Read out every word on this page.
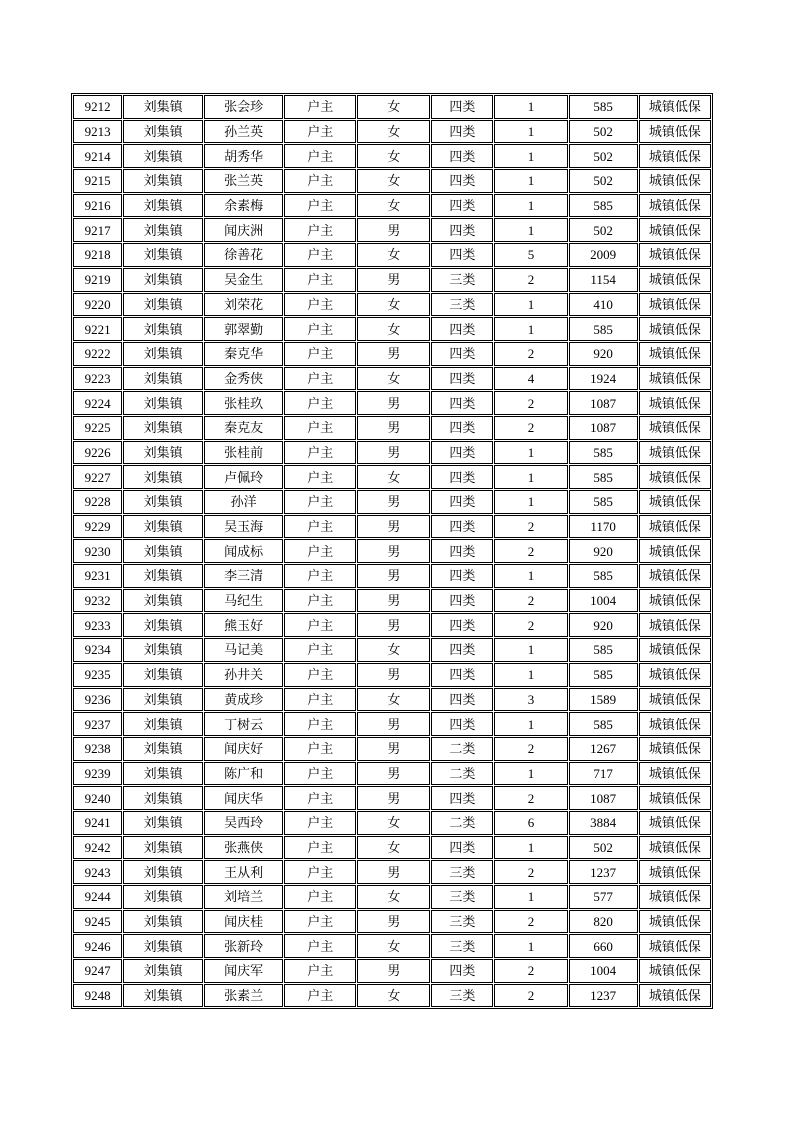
9212	刘集镇	张会珍	户主	女	四类	1	585	城镇低保
9213	刘集镇	孙兰英	户主	女	四类	1	502	城镇低保
9214	刘集镇	胡秀华	户主	女	四类	1	502	城镇低保
9215	刘集镇	张兰英	户主	女	四类	1	502	城镇低保
9216	刘集镇	余素梅	户主	女	四类	1	585	城镇低保
9217	刘集镇	闻庆洲	户主	男	四类	1	502	城镇低保
9218	刘集镇	徐善花	户主	女	四类	5	2009	城镇低保
9219	刘集镇	吴金生	户主	男	三类	2	1154	城镇低保
9220	刘集镇	刘荣花	户主	女	三类	1	410	城镇低保
9221	刘集镇	郭翠勤	户主	女	四类	1	585	城镇低保
9222	刘集镇	秦克华	户主	男	四类	2	920	城镇低保
9223	刘集镇	金秀侠	户主	女	四类	4	1924	城镇低保
9224	刘集镇	张桂玖	户主	男	四类	2	1087	城镇低保
9225	刘集镇	秦克友	户主	男	四类	2	1087	城镇低保
9226	刘集镇	张桂前	户主	男	四类	1	585	城镇低保
9227	刘集镇	卢佩玲	户主	女	四类	1	585	城镇低保
9228	刘集镇	孙洋	户主	男	四类	1	585	城镇低保
9229	刘集镇	吴玉海	户主	男	四类	2	1170	城镇低保
9230	刘集镇	闻成标	户主	男	四类	2	920	城镇低保
9231	刘集镇	李三清	户主	男	四类	1	585	城镇低保
9232	刘集镇	马纪生	户主	男	四类	2	1004	城镇低保
9233	刘集镇	熊玉好	户主	男	四类	2	920	城镇低保
9234	刘集镇	马记美	户主	女	四类	1	585	城镇低保
9235	刘集镇	孙井关	户主	男	四类	1	585	城镇低保
9236	刘集镇	黄成珍	户主	女	四类	3	1589	城镇低保
9237	刘集镇	丁树云	户主	男	四类	1	585	城镇低保
9238	刘集镇	闻庆好	户主	男	二类	2	1267	城镇低保
9239	刘集镇	陈广和	户主	男	二类	1	717	城镇低保
9240	刘集镇	闻庆华	户主	男	四类	2	1087	城镇低保
9241	刘集镇	吴西玲	户主	女	二类	6	3884	城镇低保
9242	刘集镇	张燕侠	户主	女	四类	1	502	城镇低保
9243	刘集镇	王从利	户主	男	三类	2	1237	城镇低保
9244	刘集镇	刘培兰	户主	女	三类	1	577	城镇低保
9245	刘集镇	闻庆桂	户主	男	三类	2	820	城镇低保
9246	刘集镇	张新玲	户主	女	三类	1	660	城镇低保
9247	刘集镇	闻庆军	户主	男	四类	2	1004	城镇低保
9248	刘集镇	张素兰	户主	女	三类	2	1237	城镇低保
